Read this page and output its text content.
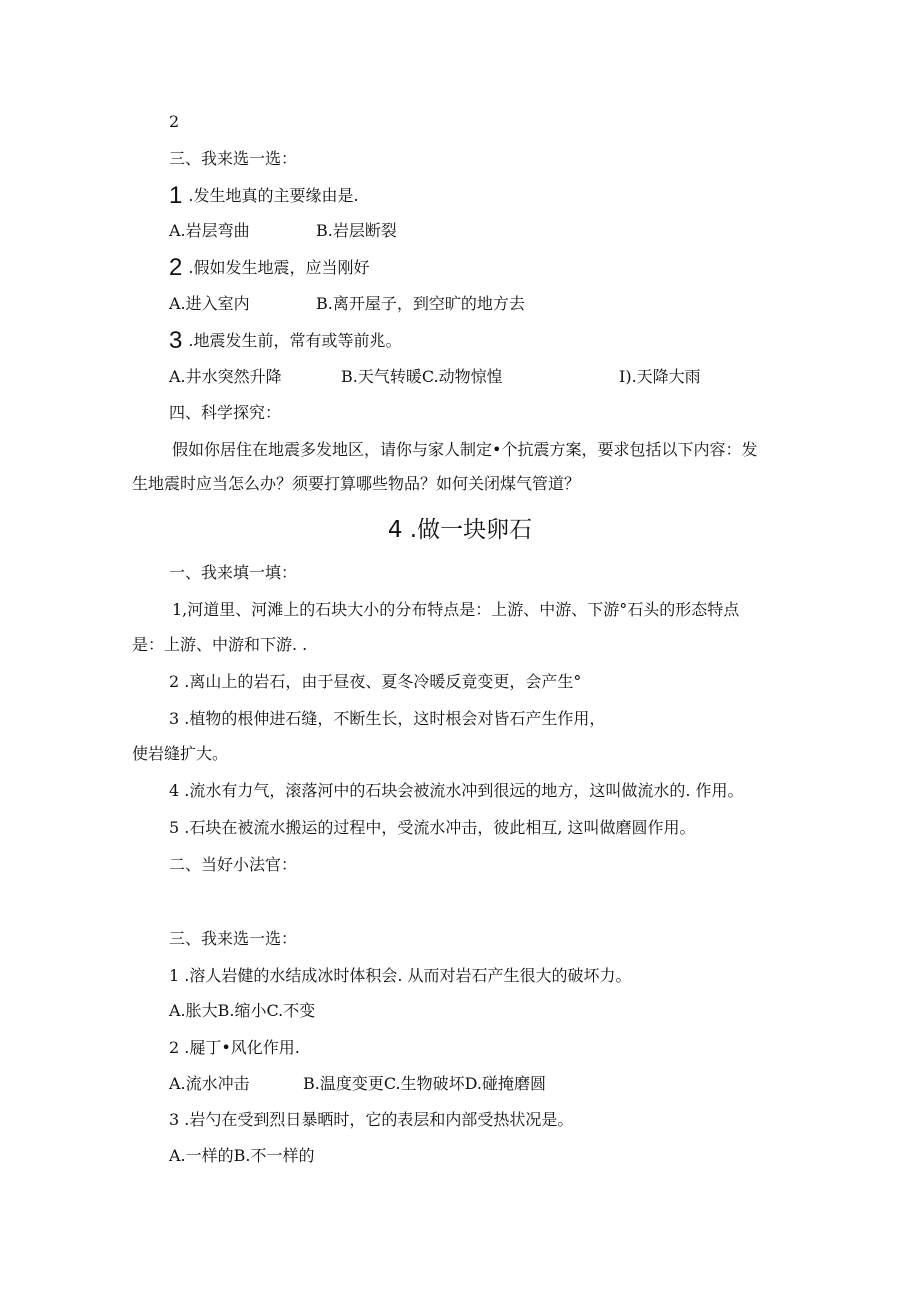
2
三、我来选一选：
1 .发生地真的主要缘由是.
A.岩层弯曲	B.岩层断裂
2 .假如发生地震，应当刚好
A.进入室内	B.离开屋子，到空旷的地方去
3 .地震发生前，常有或等前兆。
A.井水突然升降	B.天气转暖C.动物惊惶	I).天降大雨
四、科学探究：
假如你居住在地震多发地区，请你与家人制定•个抗震方案，要求包括以下内容：发
生地震时应当怎么办？须要打算哪些物品？如何关闭煤气管道？
4 .做一块卵石
一、我来填一填：
1,河道里、河滩上的石块大小的分布特点是：上游、中游、下游°石头的形态特点
是：上游、中游和下游. .
2 .离山上的岩石，由于昼夜、夏冬冷暖反竟变更，会产生°
3 .植物的根伸进石缝，不断生长，这时根会对皆石产生作用，
使岩缝扩大。
4 .流水有力气，滚落河中的石块会被流水冲到很远的地方，这叫做流水的. 作用。
5 .石块在被流水搬运的过程中，受流水冲击，彼此相互, 这叫做磨圆作用。
二、当好小法官：
三、我来选一选：
1 .溶人岩健的水结成冰时体积会. 从而对岩石产生很大的破坏力。
A.胀大B.缩小C.不变
2 .屣丁•风化作用.
A.流水冲击	B.温度变更C.生物破坏D.碰掩磨圆
3 .岩勺在受到烈日暴晒时，它的表层和内部受热状况是。
A.一样的B.不一样的
